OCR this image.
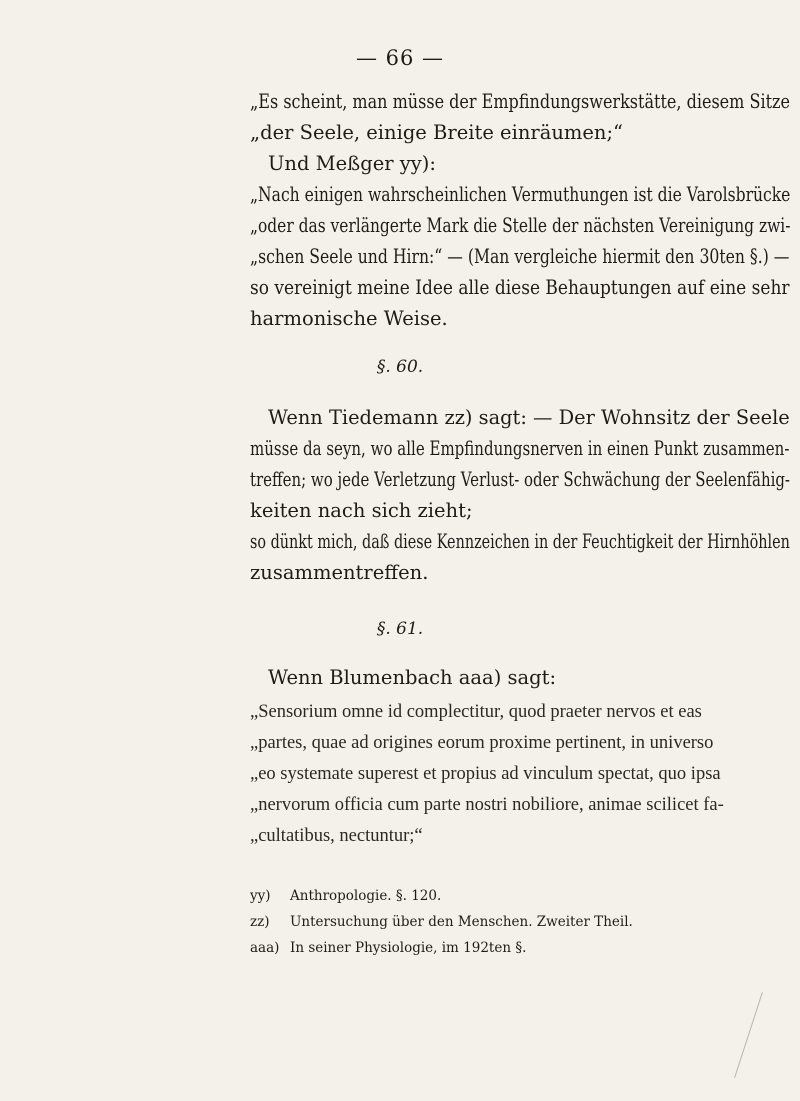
— 66 —
„Es scheint, man müsse der Empfindungswerkstätte, diesem Sitze
„der Seele, einige Breite einräumen;“
Und Meßger yy):
„Nach einigen wahrscheinlichen Vermuthungen ist die Varolsbrücke
„oder das verlängerte Mark die Stelle der nächsten Vereinigung zwi-
„schen Seele und Hirn:“ — (Man vergleiche hiermit den 30ten §.) —
so vereinigt meine Idee alle diese Behauptungen auf eine sehr
harmonische Weise.
§. 60.
Wenn Tiedemann zz) sagt: — Der Wohnsitz der Seele
müsse da seyn, wo alle Empfindungsnerven in einen Punkt zusammen-
treffen; wo jede Verletzung Verlust- oder Schwächung der Seelenfähig-
keiten nach sich zieht;
so dünkt mich, daß diese Kennzeichen in der Feuchtigkeit der Hirnhöhlen
zusammentreffen.
§. 61.
Wenn Blumenbach aaa) sagt:
„Sensorium omne id complectitur, quod praeter nervos et eas
„partes, quae ad origines eorum proxime pertinent, in universo
„eo systemate superest et propius ad vinculum spectat, quo ipsa
„nervorum officia cum parte nostri nobiliore, animae scilicet fa-
„cultatibus, nectuntur;“
yy) Anthropologie. §. 120.
zz) Untersuchung über den Menschen. Zweiter Theil.
aaa) In seiner Physiologie, im 192ten §.
